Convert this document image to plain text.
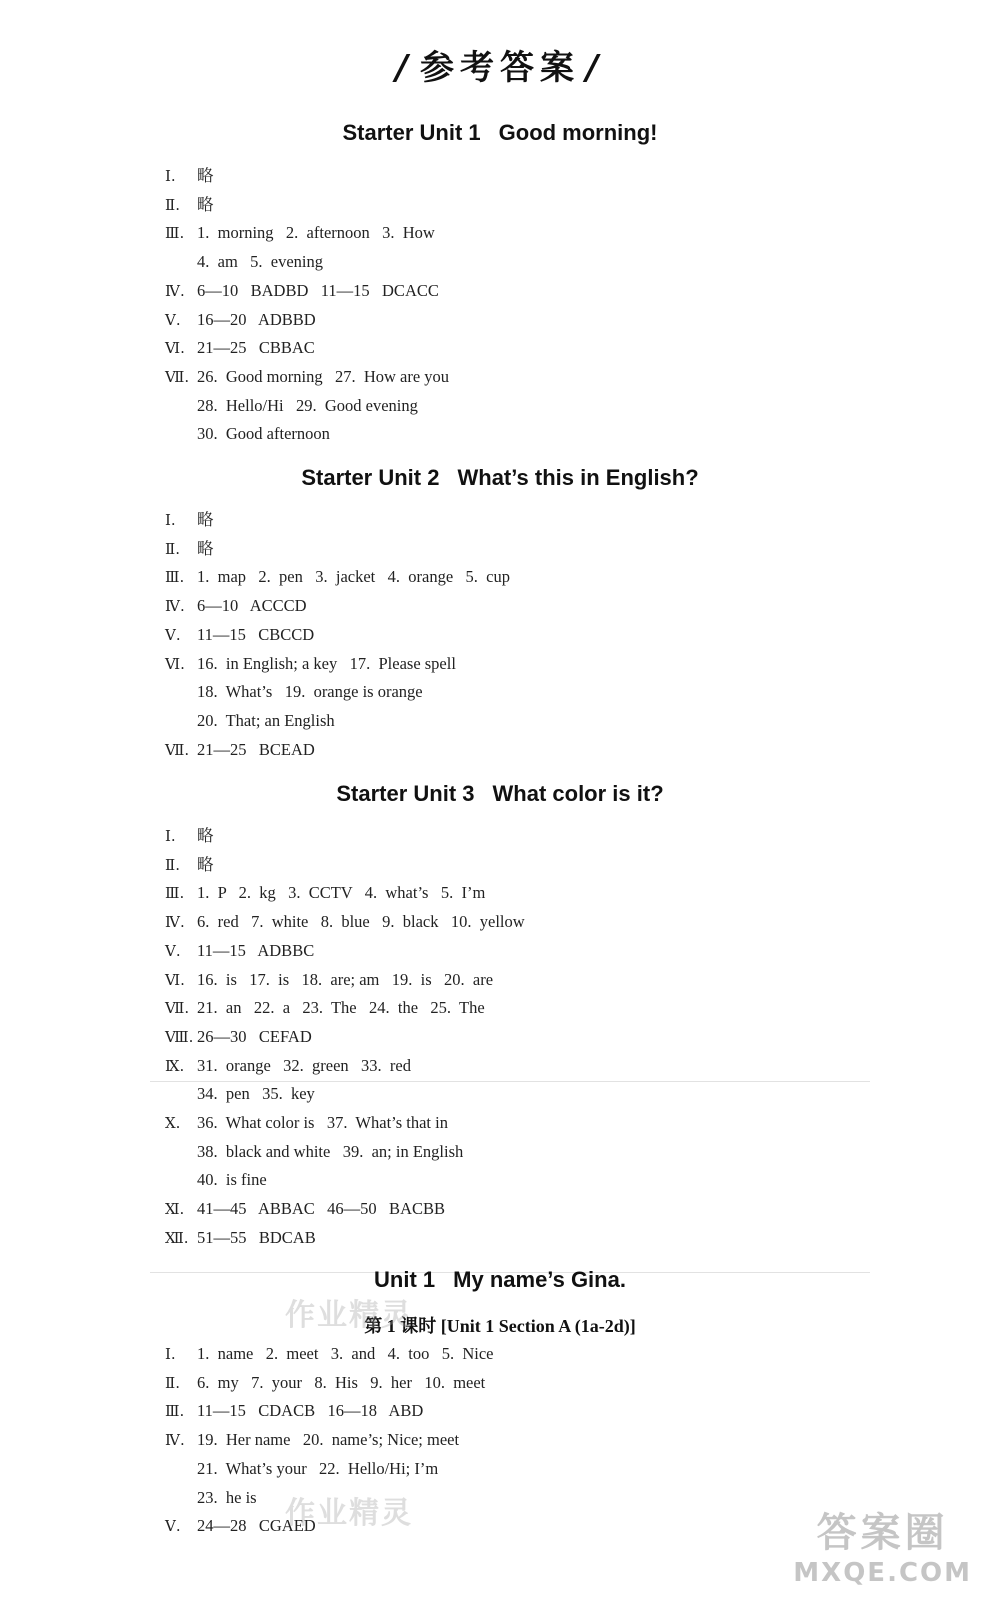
/ 参考答案 /
Starter Unit 1 Good morning!
Ⅰ. 略
Ⅱ. 略
Ⅲ. 1.  morning   2.  afternoon   3.  How
4.  am   5.  evening
Ⅳ. 6—10   BADBD   11—15   DCACC
Ⅴ. 16—20   ADBBD
Ⅵ. 21—25   CBBAC
Ⅶ. 26.  Good morning   27.  How are you
28.  Hello/Hi   29.  Good evening
30.  Good afternoon
Starter Unit 2 What’s this in English?
Ⅰ. 略
Ⅱ. 略
Ⅲ. 1.  map   2.  pen   3.  jacket   4.  orange   5.  cup
Ⅳ. 6—10   ACCCD
Ⅴ. 11—15   CBCCD
Ⅵ. 16.  in English; a key   17.  Please spell
18.  What’s   19.  orange is orange
20.  That; an English
Ⅶ. 21—25   BCEAD
Starter Unit 3 What color is it?
Ⅰ. 略
Ⅱ. 略
Ⅲ. 1.  P   2.  kg   3.  CCTV   4.  what’s   5.  I’m
Ⅳ. 6.  red   7.  white   8.  blue   9.  black   10.  yellow
Ⅴ. 11—15   ADBBC
Ⅵ. 16.  is   17.  is   18.  are; am   19.  is   20.  are
Ⅶ. 21.  an   22.  a   23.  The   24.  the   25.  The
Ⅷ. 26—30   CEFAD
Ⅸ. 31.  orange   32.  green   33.  red
34.  pen   35.  key
Ⅹ. 36.  What color is   37.  What’s that in
38.  black and white   39.  an; in English
40.  is fine
Ⅺ. 41—45   ABBAC   46—50   BACBB
Ⅻ. 51—55   BDCAB
Unit 1 My name’s Gina.
第 1 课时 [Unit 1 Section A (1a-2d)]
Ⅰ. 1.  name   2.  meet   3.  and   4.  too   5.  Nice
Ⅱ. 6.  my   7.  your   8.  His   9.  her   10.  meet
Ⅲ. 11—15   CDACB   16—18   ABD
Ⅳ. 19.  Her name   20.  name’s; Nice; meet
21.  What’s your   22.  Hello/Hi; I’m
23.  he is
Ⅴ. 24—28   CGAED
作业精灵
作业精灵	答案圈
MXQE.COM
